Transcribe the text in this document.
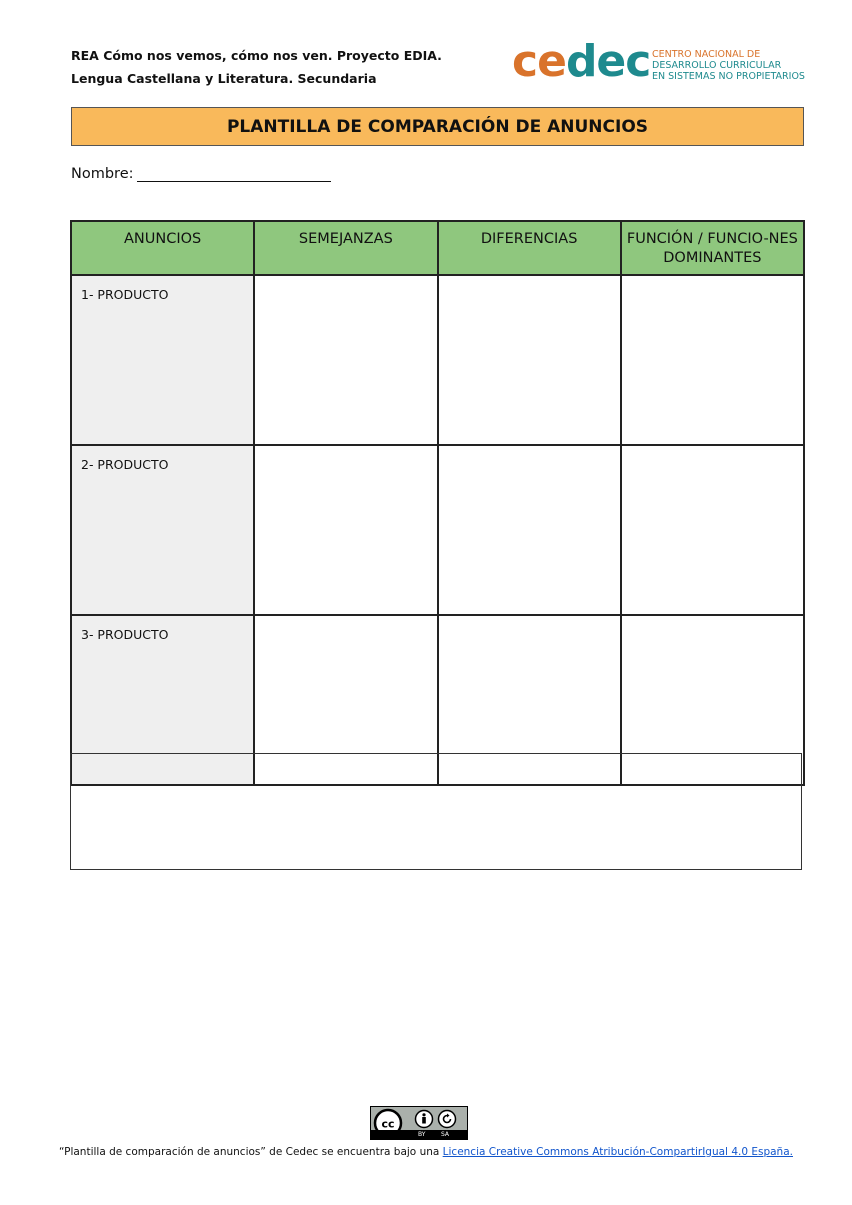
REA Cómo nos vemos, cómo nos ven. Proyecto EDIA.
Lengua Castellana y Literatura. Secundaria	cedec CENTRO NACIONAL DE
DESARROLLO CURRICULAR
EN SISTEMAS NO PROPIETARIOS
PLANTILLA DE COMPARACIÓN DE ANUNCIOS
Nombre:
ANUNCIOS	SEMEJANZAS	DIFERENCIAS	FUNCIÓN / FUNCIO-NES DOMINANTES
1- PRODUCTO			
2- PRODUCTO			
3- PRODUCTO			
cc
BY	SA
“Plantilla de comparación de anuncios” de Cedec se encuentra bajo una Licencia Creative Commons Atribución-CompartirIgual 4.0 España.
